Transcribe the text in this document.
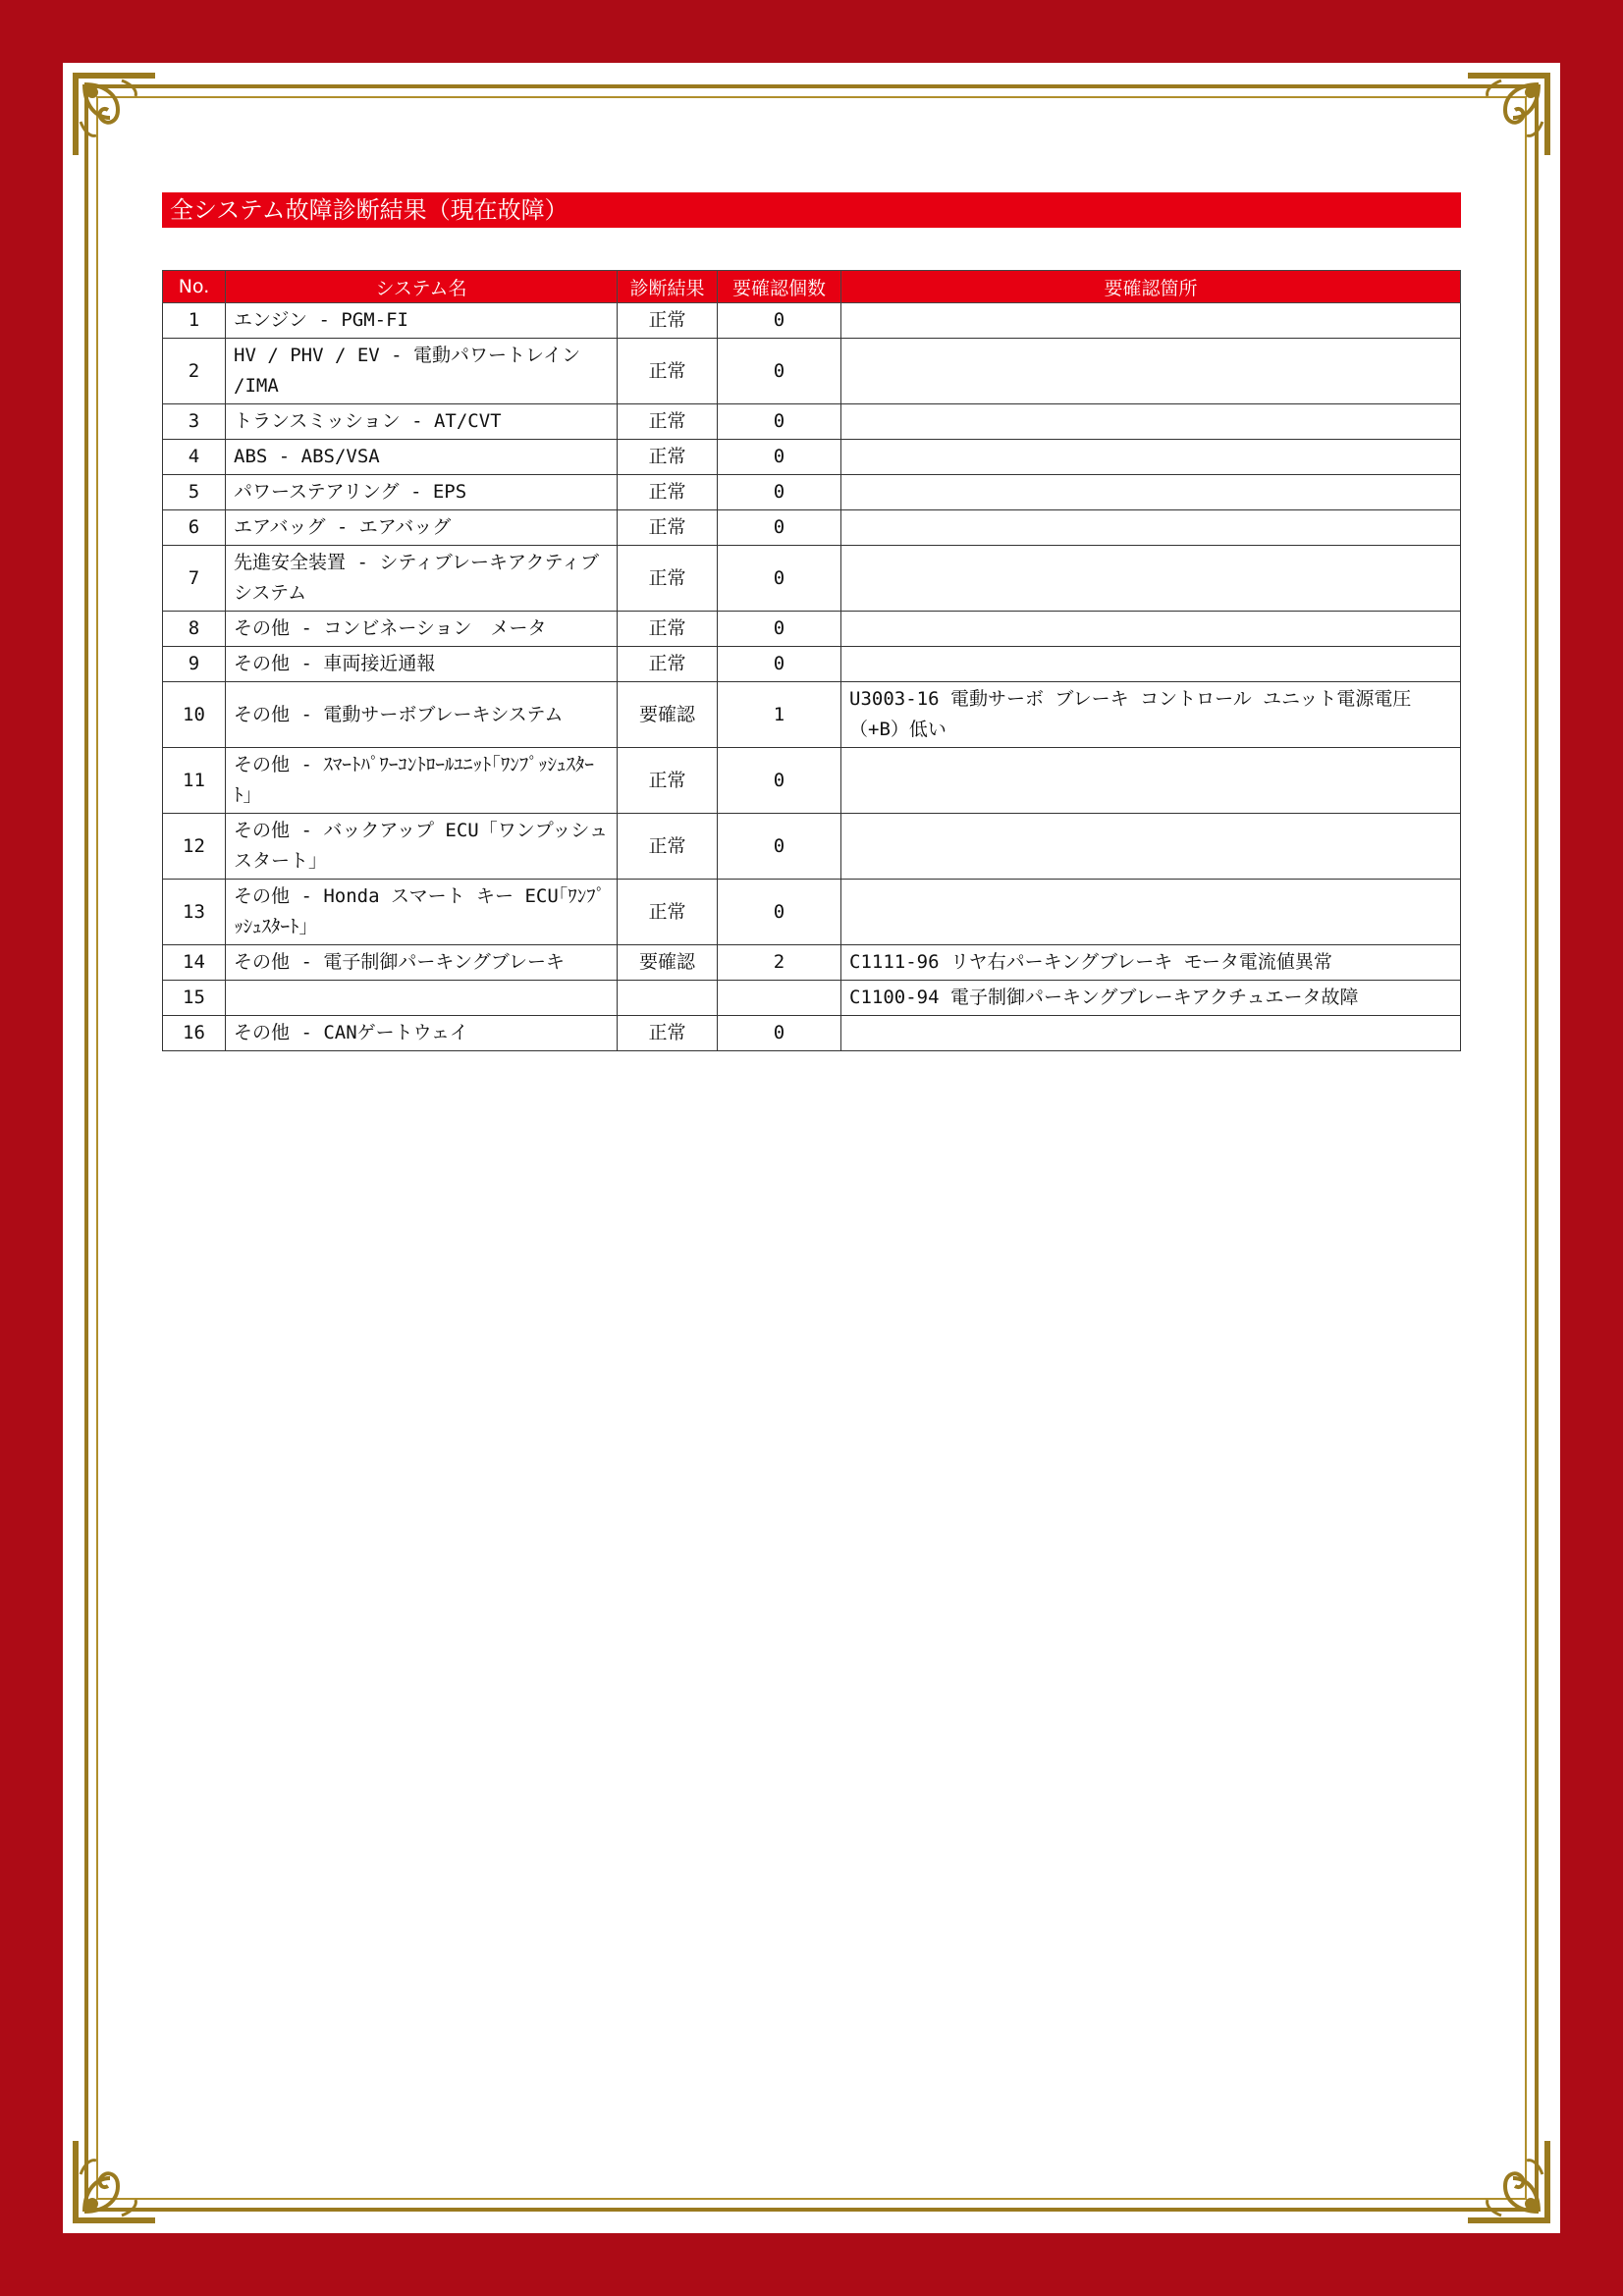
全システム故障診断結果（現在故障）
No.	システム名	診断結果	要確認個数	要確認箇所
1	エンジン - PGM-FI	正常	0	
2	HV / PHV / EV - 電動パワートレイン /IMA	正常	0	
3	トランスミッション - AT/CVT	正常	0	
4	ABS - ABS/VSA	正常	0	
5	パワーステアリング - EPS	正常	0	
6	エアバッグ - エアバッグ	正常	0	
7	先進安全装置 - シティブレーキアクティブシステム	正常	0	
8	その他 - コンビネーション　メータ	正常	0	
9	その他 - 車両接近通報	正常	0	
10	その他 - 電動サーボブレーキシステム	要確認	1	U3003-16 電動サーボ ブレーキ コントロール ユニット電源電圧（+B）低い
11	その他 - ｽﾏｰﾄﾊﾟﾜｰｺﾝﾄﾛｰﾙﾕﾆｯﾄ｢ﾜﾝﾌﾟｯｼｭｽﾀｰﾄ｣	正常	0	
12	その他 - バックアップ ECU「ワンプッシュスタート」	正常	0	
13	その他 - Honda スマート キー ECU｢ﾜﾝﾌﾟｯｼｭｽﾀｰﾄ｣	正常	0	
14	その他 - 電子制御パーキングブレーキ	要確認	2	C1111-96 リヤ右パーキングブレーキ モータ電流値異常
15				C1100-94 電子制御パーキングブレーキアクチュエータ故障
16	その他 - CANゲートウェイ	正常	0	
